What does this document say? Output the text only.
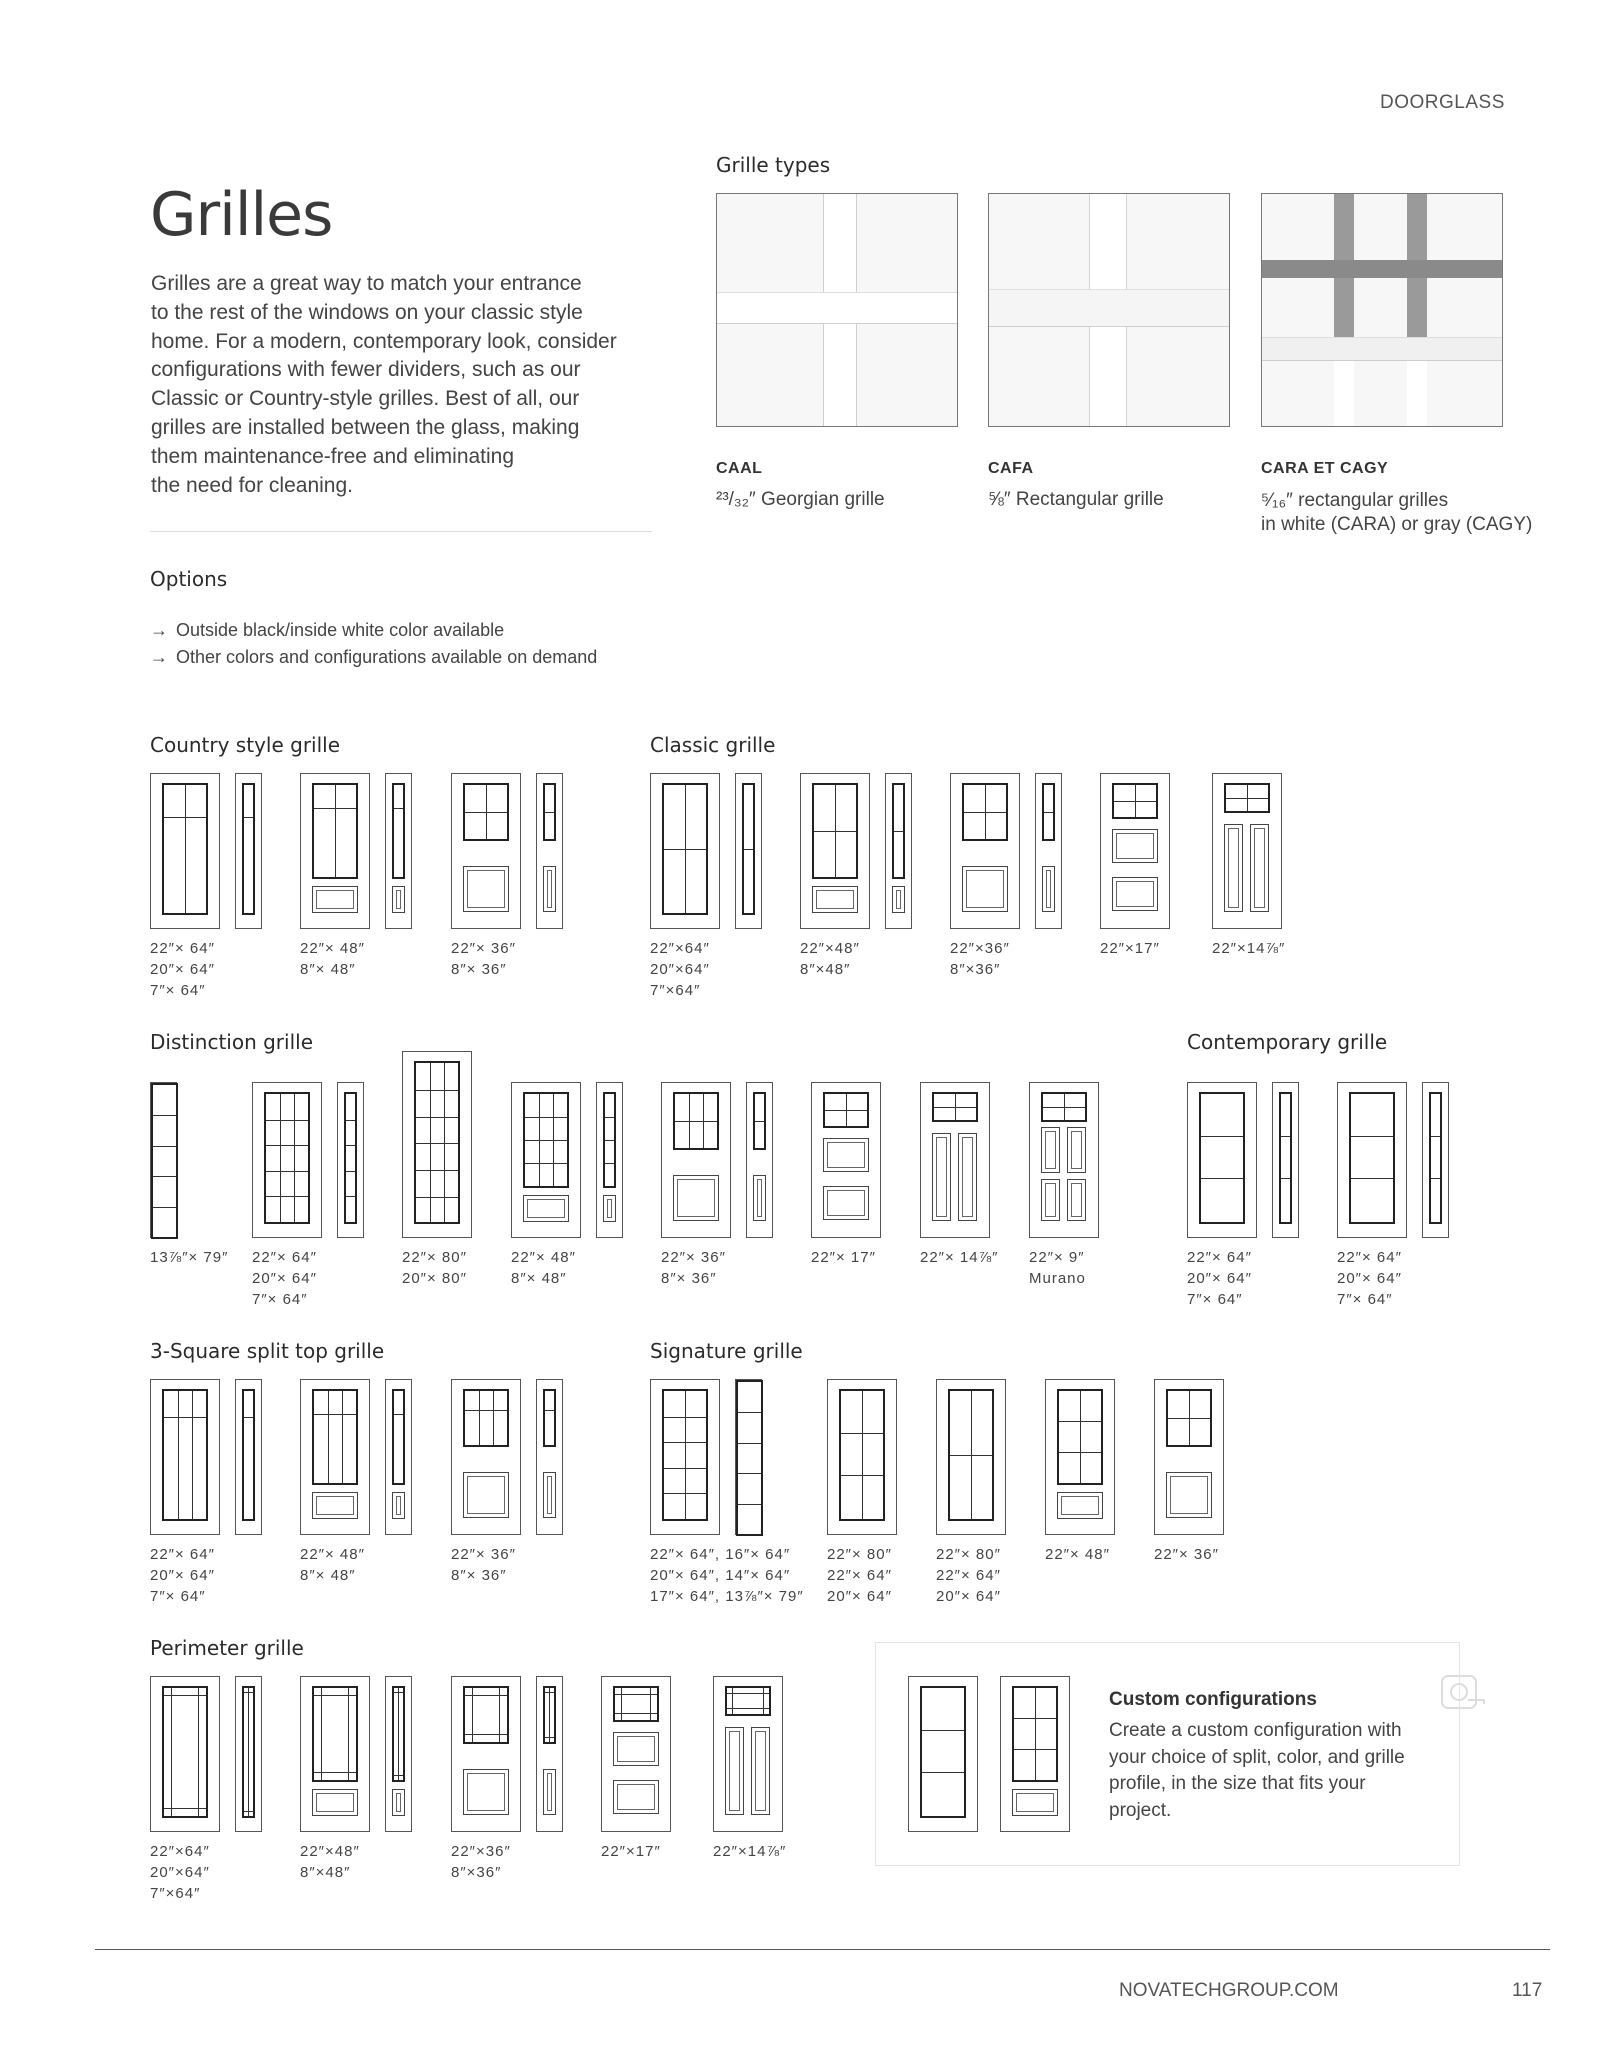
DOORGLASS
Grilles
Grilles are a great way to match your entrance
to the rest of the windows on your classic style
home. For a modern, contemporary look, consider
configurations with fewer dividers, such as our
Classic or Country-style grilles. Best of all, our
grilles are installed between the glass, making
them maintenance-free and eliminating
the need for cleaning.
Options
→ Outside black/inside white color available
→ Other colors and configurations available on demand
Grille types
CAAL
²³/₃₂″ Georgian grille
CAFA
⅝″ Rectangular grille
CARA ET CAGY
⁵⁄₁₆″ rectangular grilles
in white (CARA) or gray (CAGY)
Country style grille	Classic grille
Distinction grille	Contemporary grille
3-Square split top grille	Signature grille
Perimeter grille
22″× 64″
20″× 64″
7″× 64″
22″× 48″
8″× 48″
22″× 36″
8″× 36″
22″×64″
20″×64″
7″×64″
22″×48″
8″×48″
22″×36″
8″×36″
22″×17″	22″×14⅞″
13⅞″× 79″ 22″× 64″
20″× 64″
7″× 64″
22″× 80″
20″× 80″
22″× 48″
8″× 48″
22″× 36″
8″× 36″
22″× 17″	22″× 14⅞″ 22″× 9″
Murano
22″× 64″
20″× 64″
7″× 64″
22″× 64″
20″× 64″
7″× 64″
22″× 64″
20″× 64″
7″× 64″
22″× 48″
8″× 48″
22″× 36″
8″× 36″
22″× 64″, 16″× 64″
20″× 64″, 14″× 64″
17″× 64″, 13⅞″× 79″
22″× 80″
22″× 64″
20″× 64″
22″× 80″
22″× 64″
20″× 64″
22″× 48″	22″× 36″
22″×64″
20″×64″
7″×64″
22″×48″
8″×48″
22″×36″
8″×36″
22″×17″	22″×14⅞″
Custom configurations
Create a custom configuration with
your choice of split, color, and grille
profile, in the size that fits your
project.
NOVATECHGROUP.COM	117
